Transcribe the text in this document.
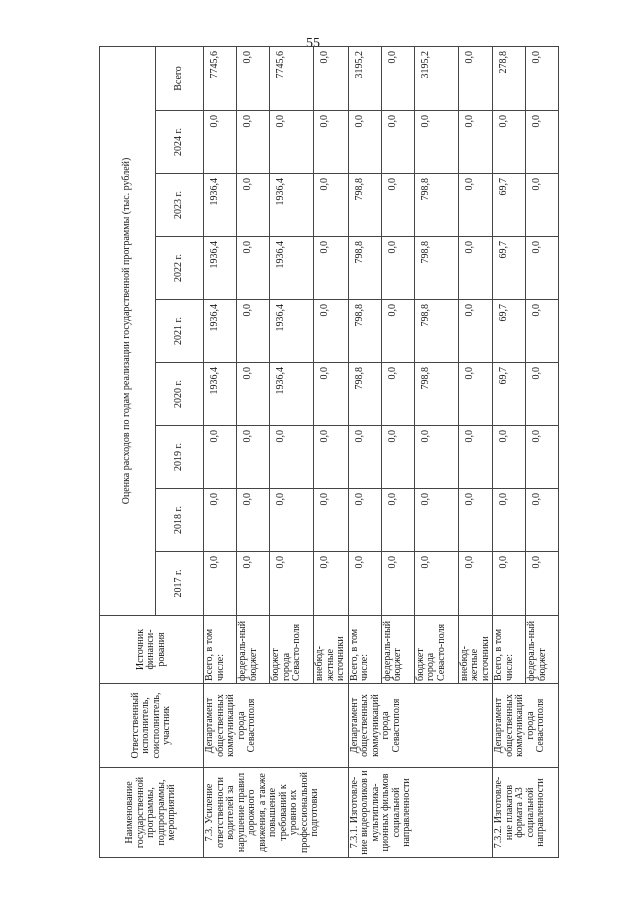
55
Наименование государственной программы, подпрограммы, мероприятий	Ответственный исполнитель, соисполнитель, участник	Источник финанси-рования	Оценка расходов по годам реализации государственной программы (тыс. рублей)								
			2017 г.	2018 г.	2019 г.	2020 г.	2021 г.	2022 г.	2023 г.	2024 г.	Всего
7.3. Усиление ответственности водителей за нарушение правил дорожного движения, а также повышение требований к уровню их профессиональной подготовки	Департамент общественных коммуникаций города Севастополя	Всего, в том числе:	0,0	0,0	0,0	1936,4	1936,4	1936,4	1936,4	0,0	7745,6
		федераль-ный бюджет	0,0	0,0	0,0	0,0	0,0	0,0	0,0	0,0	0,0
		бюджет города Севасто-поля	0,0	0,0	0,0	1936,4	1936,4	1936,4	1936,4	0,0	7745,6
		внебюд-жетные источники	0,0	0,0	0,0	0,0	0,0	0,0	0,0	0,0	0,0
7.3.1. Изготовле-ние видеороликов и мультиплика-ционных фильмов социальной направленности	Департамент общественных коммуникаций города Севастополя	Всего, в том числе:	0,0	0,0	0,0	798,8	798,8	798,8	798,8	0,0	3195,2
		федераль-ный бюджет	0,0	0,0	0,0	0,0	0,0	0,0	0,0	0,0	0,0
		бюджет города Севасто-поля	0,0	0,0	0,0	798,8	798,8	798,8	798,8	0,0	3195,2
		внебюд-жетные источники	0,0	0,0	0,0	0,0	0,0	0,0	0,0	0,0	0,0
7.3.2. Изготовле-ние плакатов формата А3 социальной направленности	Департамент общественных коммуникаций города Севастополя	Всего, в том числе:	0,0	0,0	0,0	69,7	69,7	69,7	69,7	0,0	278,8
		федераль-ный бюджет	0,0	0,0	0,0	0,0	0,0	0,0	0,0	0,0	0,0
